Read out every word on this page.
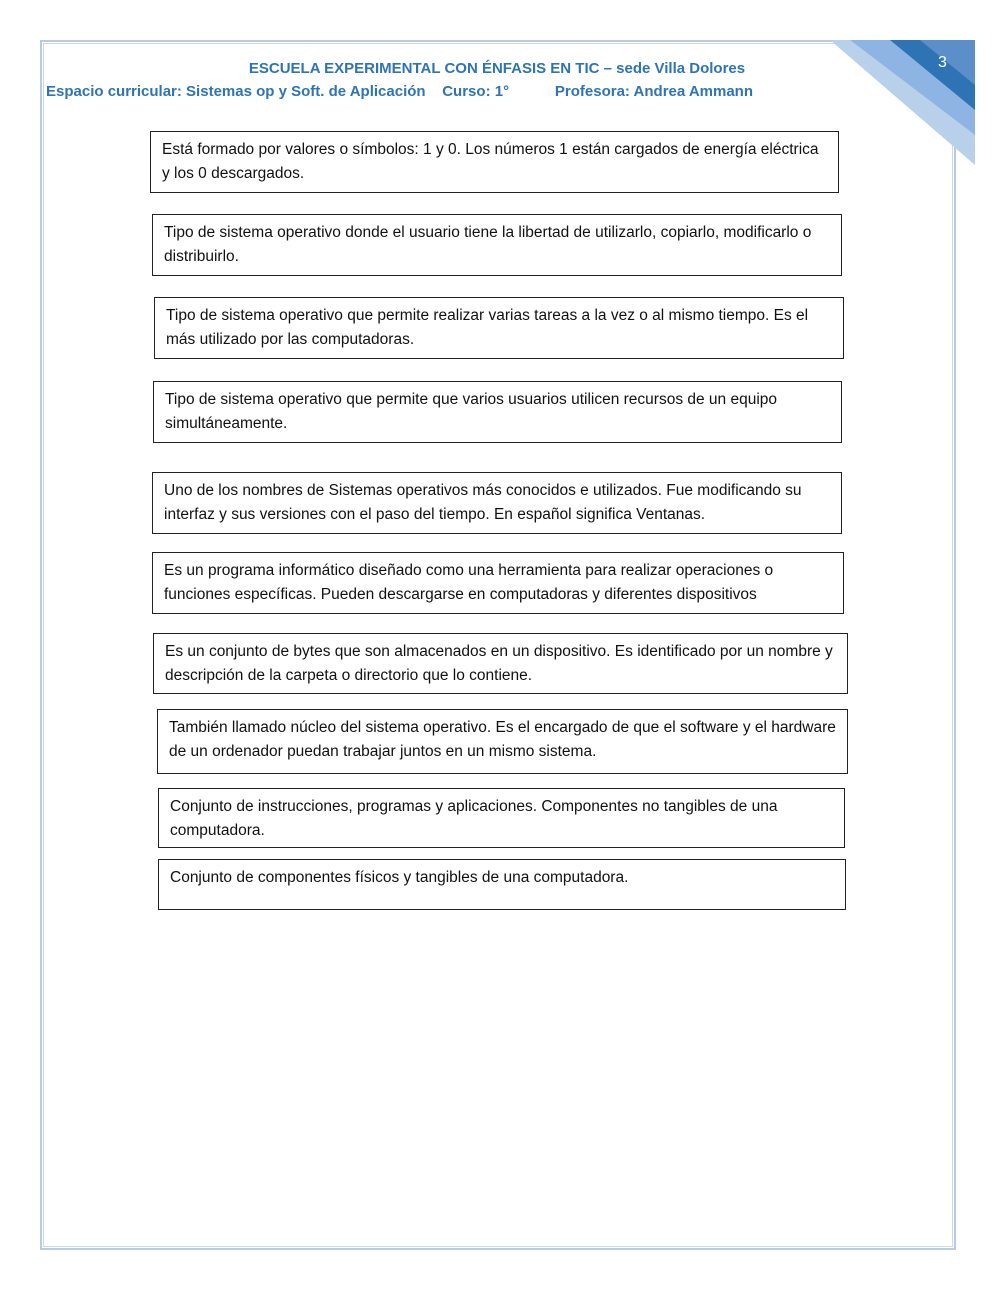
3
ESCUELA EXPERIMENTAL CON ÉNFASIS EN TIC – sede Villa Dolores
Espacio curricular: Sistemas op y Soft. de Aplicación    Curso: 1°           Profesora: Andrea Ammann
Está formado por valores o símbolos: 1 y 0. Los números 1 están cargados de energía eléctrica y los 0 descargados.
Tipo de sistema operativo donde el usuario tiene la libertad de utilizarlo, copiarlo, modificarlo o distribuirlo.
Tipo de sistema operativo que permite realizar varias tareas a la vez o al mismo tiempo. Es el más utilizado por las computadoras.
Tipo de sistema operativo que permite que varios usuarios utilicen recursos de un equipo simultáneamente.
Uno de los nombres de Sistemas operativos más conocidos e utilizados. Fue modificando su interfaz y sus versiones con el paso del tiempo. En español significa Ventanas.
Es un programa informático diseñado como una herramienta para realizar operaciones o funciones específicas. Pueden descargarse en computadoras y diferentes dispositivos
Es un conjunto de bytes que son almacenados en un dispositivo. Es identificado por un nombre y descripción de la carpeta o directorio que lo contiene.
También llamado núcleo del sistema operativo. Es el encargado de que el software y el hardware de un ordenador puedan trabajar juntos en un mismo sistema.
Conjunto de instrucciones, programas y aplicaciones. Componentes no tangibles de una computadora.
Conjunto de componentes físicos y tangibles de una computadora.
